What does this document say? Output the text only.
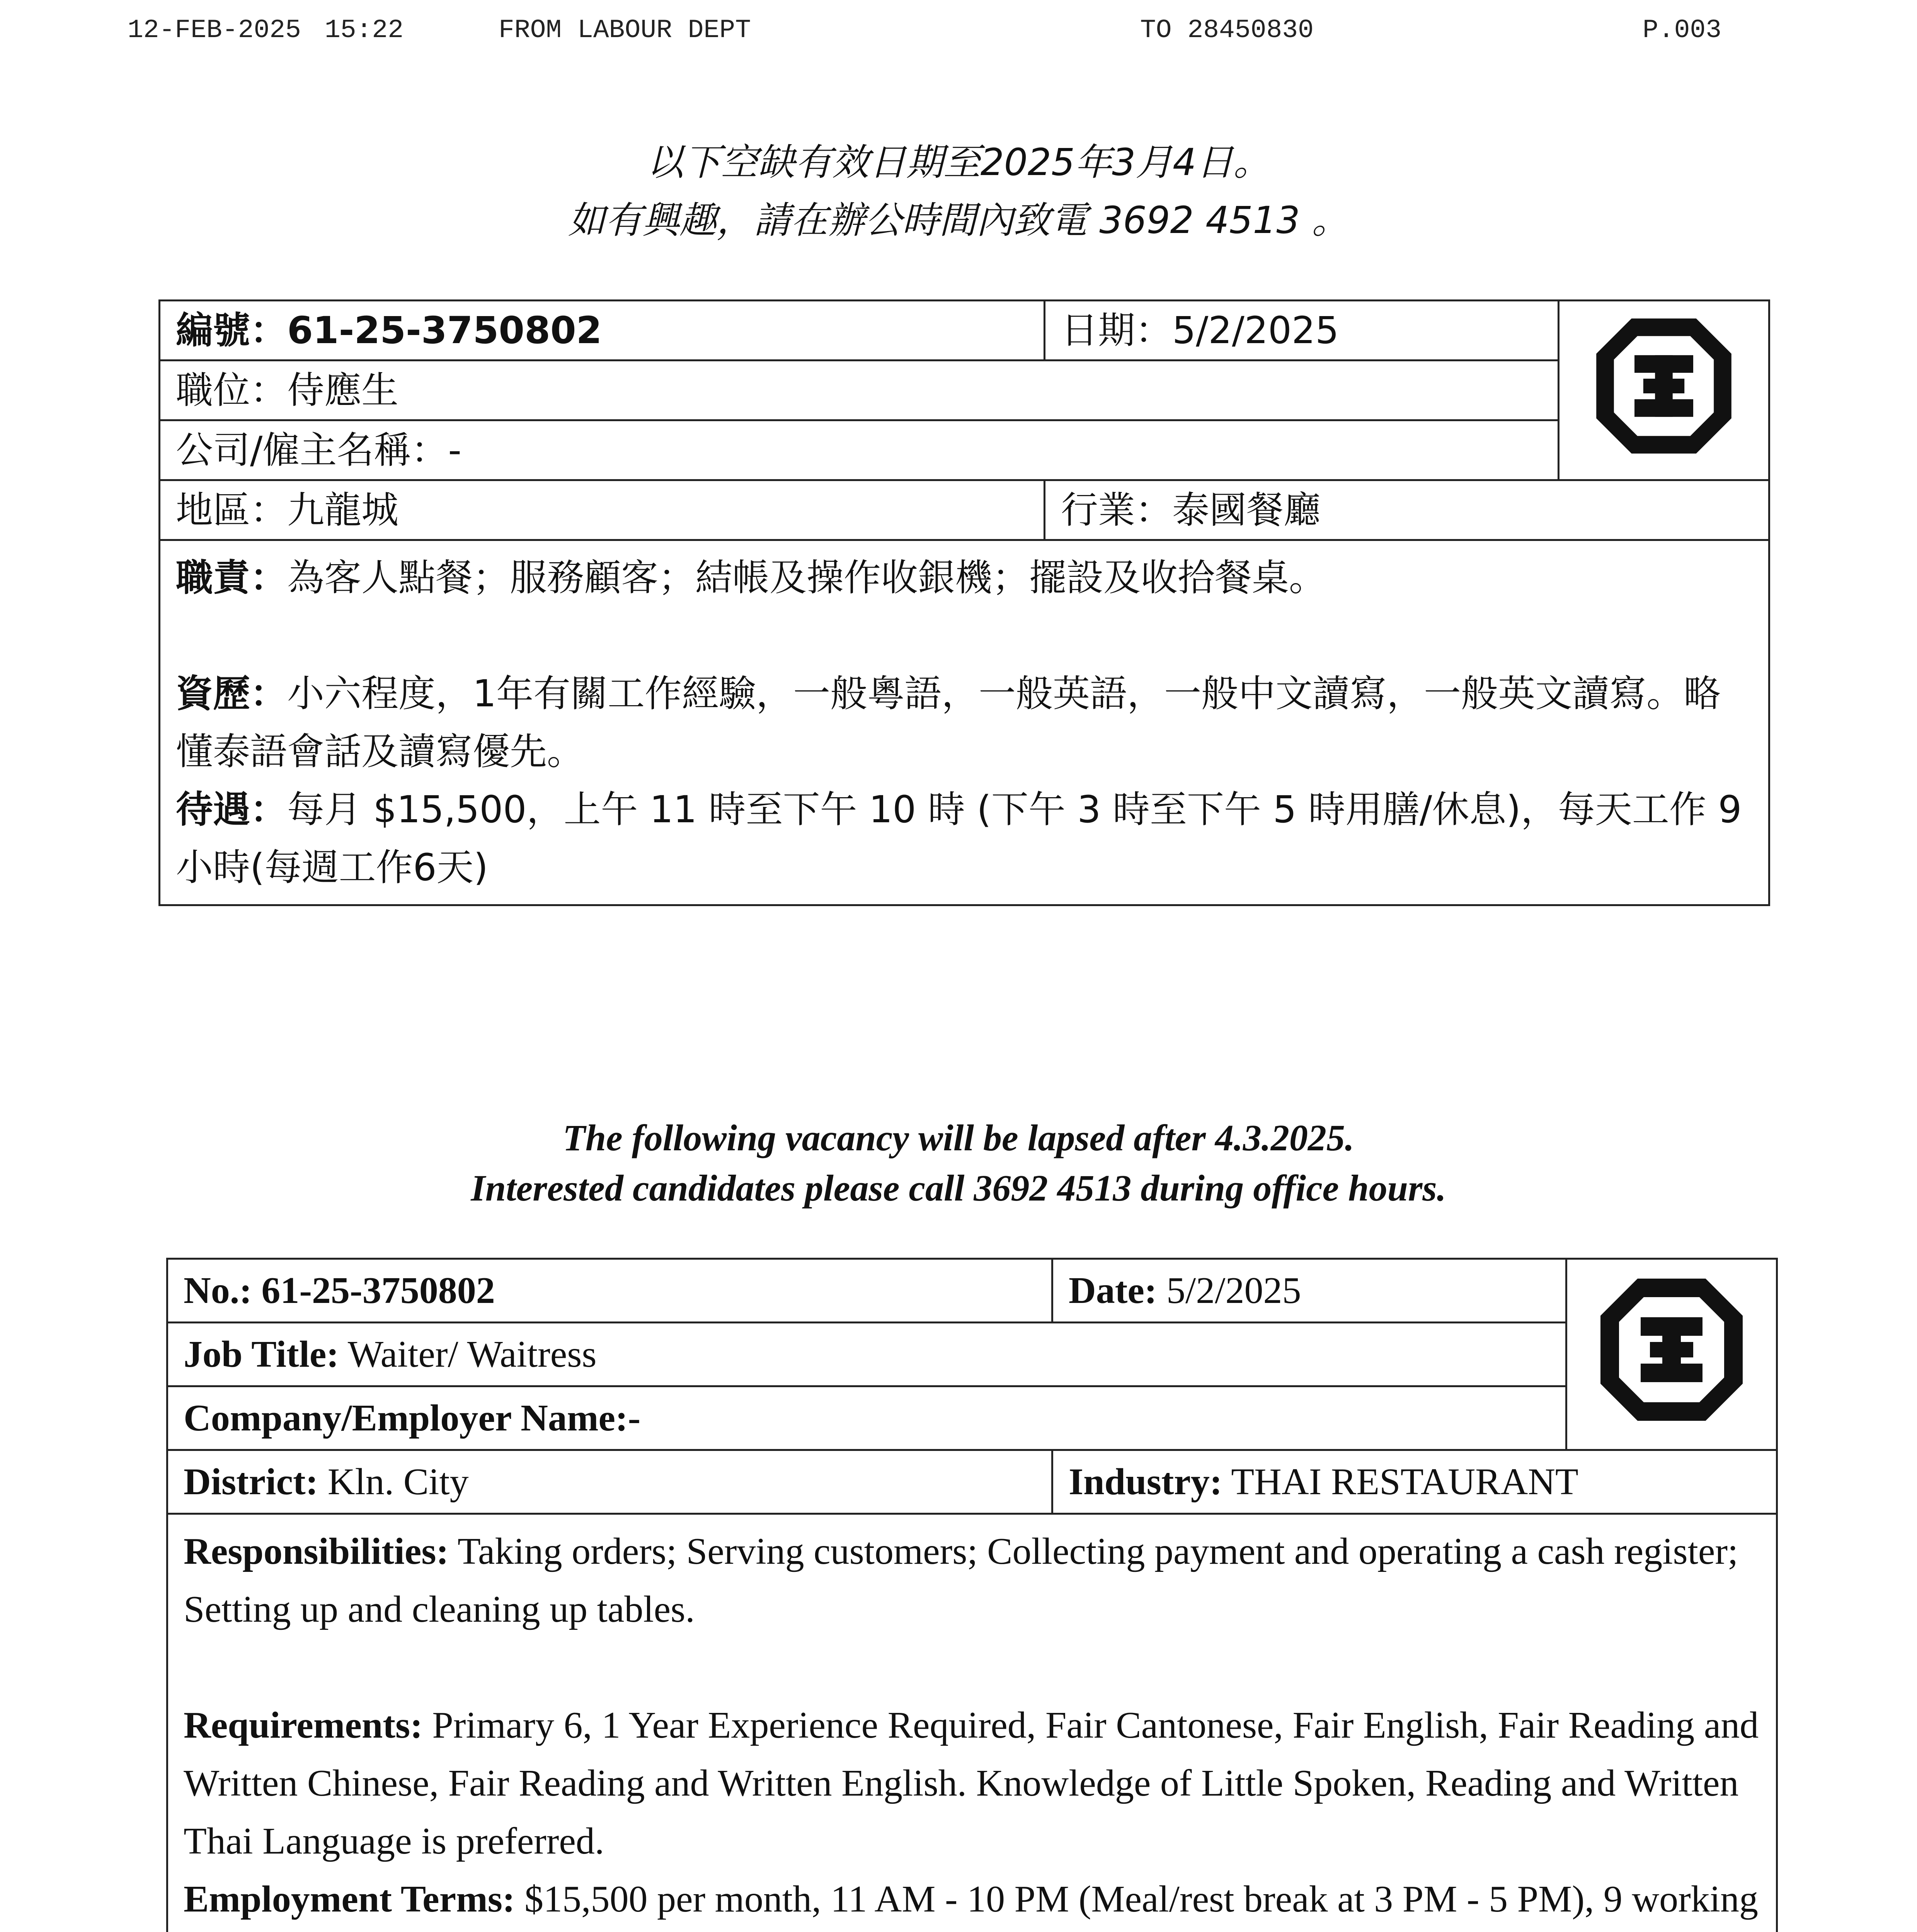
12-FEB-2025 15:22	FROM LABOUR DEPT	TO 28450830	P.003
以下空缺有效日期至2025年3月4日。
如有興趣，請在辦公時間內致電 3692 4513 。
編號：61-25-3750802	日期：5/2/2025	
職位：侍應生		
公司/僱主名稱：-		
地區：九龍城	行業：泰國餐廳	

職責：為客人點餐；服務顧客；結帳及操作收銀機；擺設及收拾餐桌。

資歷：小六程度，1年有關工作經驗，一般粵語，一般英語，一般中文讀寫，一般英文讀寫。略懂泰語會話及讀寫優先。

待遇：每月 $15,500，上午 11 時至下午 10 時 (下午 3 時至下午 5 時用膳/休息)，每天工作 9 小時(每週工作6天)		

The following vacancy will be lapsed after 4.3.2025.
Interested candidates please call 3692 4513 during office hours.
No.: 61-25-3750802	Date: 5/2/2025	
Job Title: Waiter/ Waitress		
Company/Employer Name:-		
District: Kln. City	Industry: THAI RESTAURANT	

Responsibilities: Taking orders; Serving customers; Collecting payment and operating a cash register; Setting up and cleaning up tables.

Requirements: Primary 6, 1 Year Experience Required, Fair Cantonese, Fair English, Fair Reading and Written Chinese, Fair Reading and Written English. Knowledge of Little Spoken, Reading and Written Thai Language is preferred.

Employment Terms: $15,500 per month, 11 AM - 10 PM (Meal/rest break at 3 PM - 5 PM), 9 working		
